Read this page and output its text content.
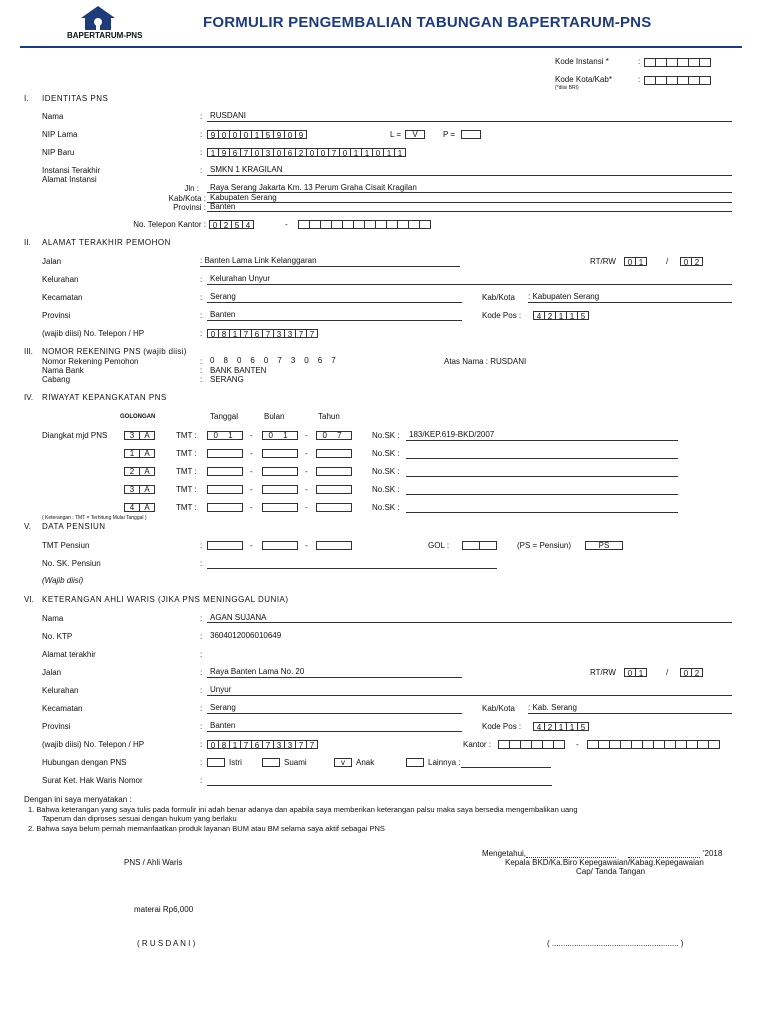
BAPERTARUM-PNS
FORMULIR PENGEMBALIAN TABUNGAN BAPERTARUM-PNS
Kode Instansi *	:
Kode Kota/Kab*	:
(*diisi BRI)
I. IDENTITAS PNS
Nama	: RUSDANI
NIP Lama	:	9 0 0 0 1 5 9 0 9	L =	V	P =
NIP Baru	:	1 9 6 7 0 3 0 6 2 0 0 7 0 1 1 0 1 1
Instansi Terakhir
Alamat Instansi
: SMKN 1 KRAGILAN
Jln : Raya Serang Jakarta Km. 13 Perum Graha Cisait Kragilan
Kab/Kota : Kabupaten Serang
Provinsi : Banten
No. Telepon Kantor : 0 2 5 4	-
II. ALAMAT TERAKHIR PEMOHON
Jalan	: Banten Lama Link Kelanggaran	RT/RW	0 1	/	0 2
Kelurahan	: Kelurahan Unyur
Kecamatan	: Serang	Kab/Kota : Kabupaten Serang
Provinsi	: Banten	Kode Pos :	4 2 1 1 5
(wajib diisi) No. Telepon / HP	:	0 8 1 7 6 7 3 3 7 7
III. NOMOR REKENING PNS (wajib diisi)
Nomor Rekening Pemohon	: 0 8 0 6 0 7 3 0 6 7	Atas Nama : RUSDANI
Nama Bank	: BANK BANTEN
Cabang	: SERANG
IV. RIWAYAT KEPANGKATAN PNS
GOLONGAN	Tanggal	Bulan	Tahun
Diangkat mjd PNS	3	A	TMT :	0 1	-	0 1	-	0 7	No.SK : 183/KEP.619-BKD/2007
1	A	TMT :	-	-	No.SK :
2	A	TMT :	-	-	No.SK :
3	A	TMT :	-	-	No.SK :
4	A	TMT :	-	-	No.SK :
( Keterangan : TMT = Terhitung Mulai Tanggal )
V. DATA PENSIUN
TMT Pensiun	:	-	-	GOL :	(PS = Pensiun)	PS
No. SK. Pensiun	:
(Wajib diisi)
VI. KETERANGAN AHLI WARIS (JIKA PNS MENINGGAL DUNIA)
Nama	: AGAN SUJANA
No. KTP	: 3604012006010649
Alamat terakhir	:
Jalan	: Raya Banten Lama No. 20	RT/RW	0 1	/	0 2
Kelurahan	: Unyur
Kecamatan	: Serang	Kab/Kota : Kab. Serang
Provinsi	: Banten	Kode Pos :	4 2 1 1 5
(wajib diisi) No. Telepon / HP	:	0 8 1 7 6 7 3 3 7 7	Kantor :	-
Hubungan dengan PNS	:	Istri	Suami	v	Anak	Lainnya :
Surat Ket. Hak Waris Nomor	:
Dengan ini saya menyatakan :
1. Bahwa keterangan yang saya tulis pada formulir ini adah benar adanya dan apabila saya memberikan keterangan palsu maka saya bersedia mengembalikan uang
Taperum dan diproses sesuai dengan hukum yang berlaku
2. Bahwa saya belum pernah memanfaatkan produk layanan BUM atau BM selama saya aktif sebagai PNS
Mengetahui,	'2018
Kepala BKD/Ka.Biro Kepegawaian/Kabag.Kepegawaian
Cap/ Tanda Tangan
PNS / Ahli Waris
materai Rp6,000
( R U S D A N I )	( ......................................................... )
